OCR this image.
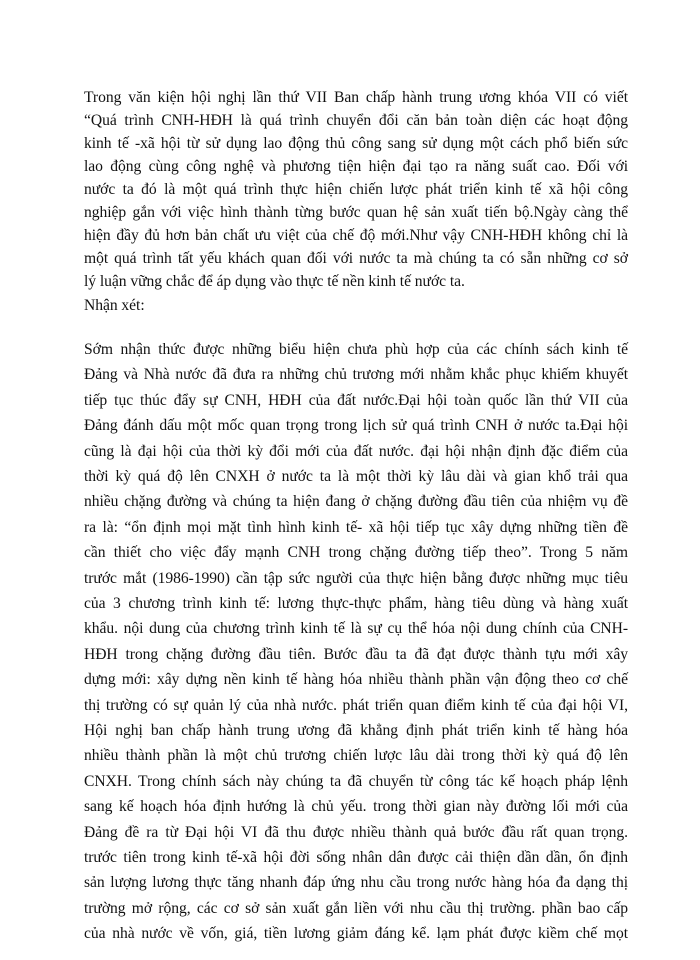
Trong văn kiện hội nghị lần thứ VII Ban chấp hành trung ương khóa VII có viết
“Quá trình CNH-HĐH là quá trình chuyển đổi căn bản toàn diện các hoạt động
kinh tế -xã hội từ sử dụng lao động thủ công sang sử dụng một cách phổ biến sức
lao động cùng công nghệ và phương tiện hiện đại tạo ra năng suất cao. Đối với
nước ta đó là một quá trình thực hiện chiến lược phát triển kinh tế xã hội công
nghiệp gắn với việc hình thành từng bước quan hệ sản xuất tiến bộ.Ngày càng thể
hiện đầy đủ hơn bản chất ưu việt của chế độ mới.Như vậy CNH-HĐH không chỉ là
một quá trình tất yếu khách quan đối với nước ta mà chúng ta có sẵn những cơ sở
lý luận vững chắc để áp dụng vào thực tế nền kinh tế nước ta.
Nhận xét:
Sớm nhận thức được những biểu hiện chưa phù hợp của các chính sách kinh tế
Đảng và Nhà nước đã đưa ra những chủ trương mới nhằm khắc phục khiếm khuyết
tiếp tục thúc đẩy sự CNH, HĐH của đất nước.Đại hội toàn quốc lần thứ VII của
Đảng đánh dấu một mốc quan trọng trong lịch sử quá trình CNH ở nước ta.Đại hội
cũng là đại hội của thời kỳ đổi mới của đất nước. đại hội nhận định đặc điểm của
thời kỳ quá độ lên CNXH ở nước ta là một thời kỳ lâu dài và gian khổ trải qua
nhiều chặng đường và chúng ta hiện đang ở chặng đường đầu tiên của nhiệm vụ đề
ra là: “ổn định mọi mặt tình hình kinh tế- xã hội tiếp tục xây dựng những tiền đề
cần thiết cho việc đẩy mạnh CNH trong chặng đường tiếp theo”. Trong 5 năm
trước mắt (1986-1990) cần tập sức người của thực hiện bằng được những mục tiêu
của 3 chương trình kinh tế: lương thực-thực phẩm, hàng tiêu dùng và hàng xuất
khẩu. nội dung của chương trình kinh tế là sự cụ thể hóa nội dung chính của CNH-
HĐH trong chặng đường đầu tiên. Bước đầu ta đã đạt được thành tựu mới xây
dựng mới: xây dựng nền kinh tế hàng hóa nhiều thành phần vận động theo cơ chế
thị trường có sự quản lý của nhà nước. phát triển quan điểm kinh tế của đại hội VI,
Hội nghị ban chấp hành trung ương đã khẳng định phát triển kinh tế hàng hóa
nhiều thành phần là một chủ trương chiến lược lâu dài trong thời kỳ quá độ lên
CNXH. Trong chính sách này chúng ta đã chuyển từ công tác kế hoạch pháp lệnh
sang kế hoạch hóa định hướng là chủ yếu. trong thời gian này đường lối mới của
Đảng đề ra từ Đại hội VI đã thu được nhiều thành quả bước đầu rất quan trọng.
trước tiên trong kinh tế-xã hội đời sống nhân dân được cải thiện dần dần, ổn định
sản lượng lương thực tăng nhanh đáp ứng nhu cầu trong nước hàng hóa đa dạng thị
trường mở rộng, các cơ sở sản xuất gắn liền với nhu cầu thị trường. phần bao cấp
của nhà nước về vốn, giá, tiền lương giảm đáng kể. lạm phát được kiềm chế mọt
